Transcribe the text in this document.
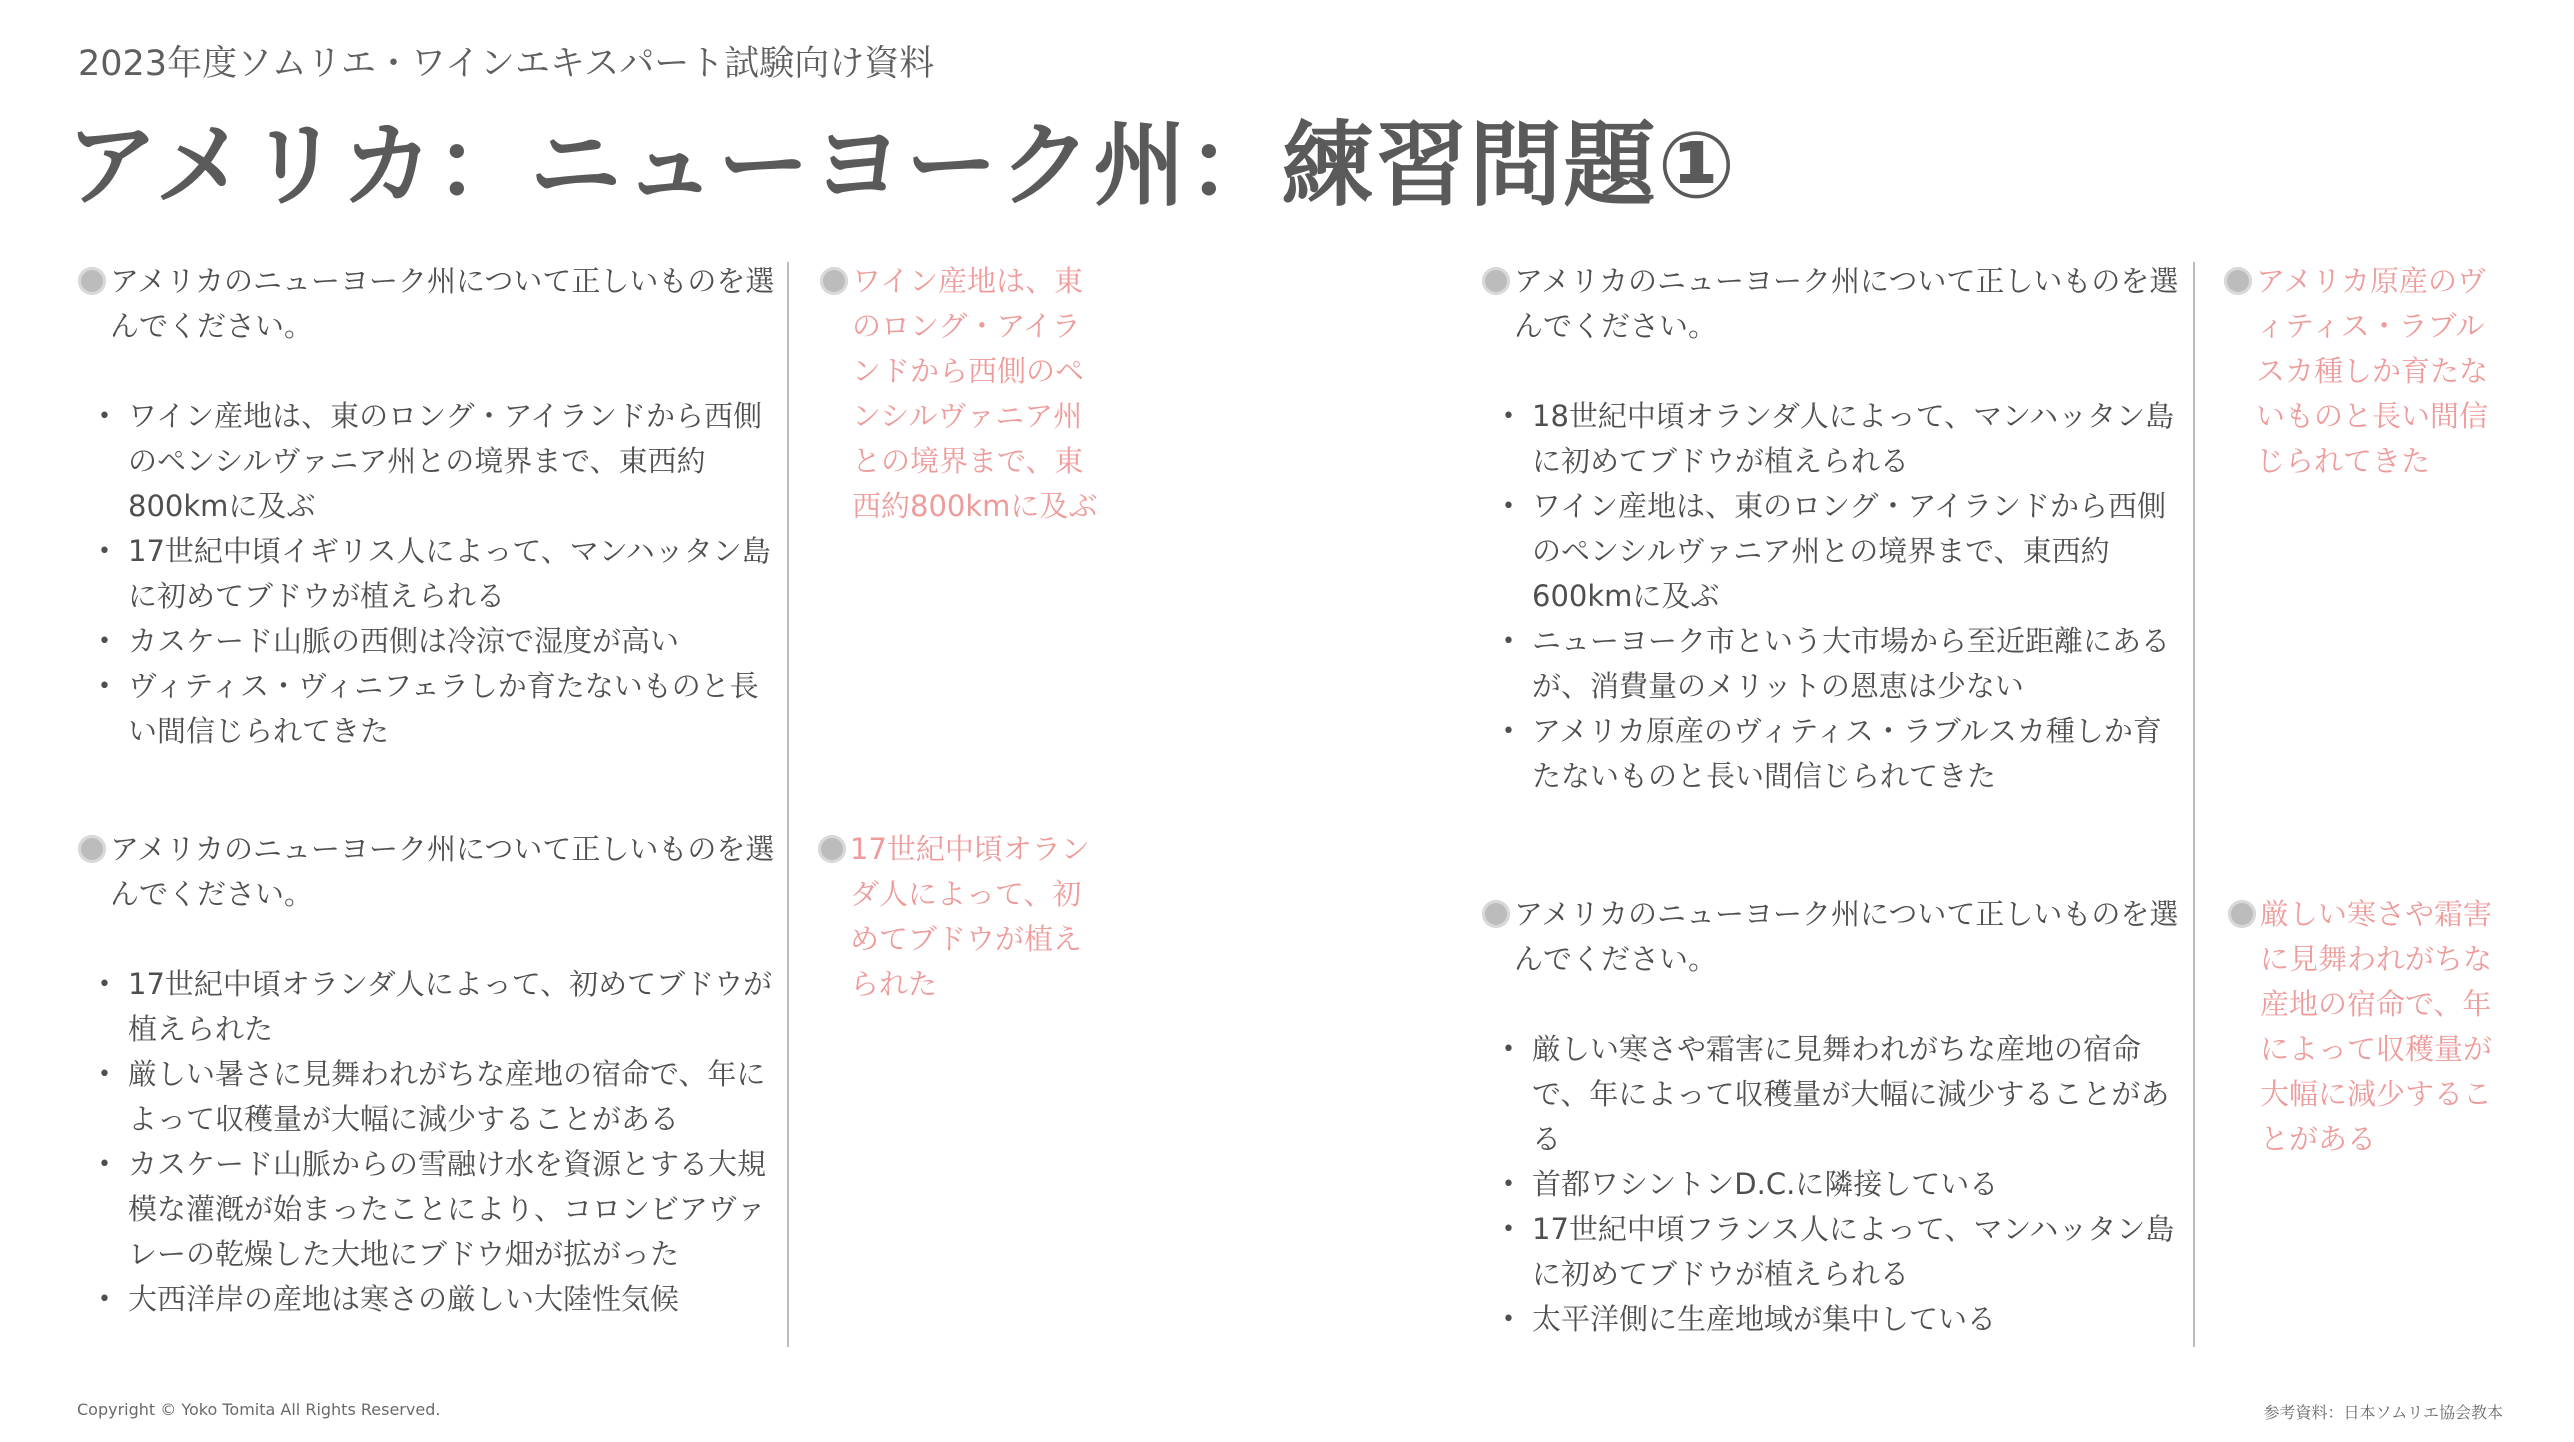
2023年度ソムリエ・ワインエキスパート試験向け資料
アメリカ：ニューヨーク州：練習問題①
アメリカのニューヨーク州について正しいものを選んでください。
• ワイン産地は、東のロング・アイランドから西側のペンシルヴァニア州との境界まで、東西約800kmに及ぶ
• 17世紀中頃イギリス人によって、マンハッタン島に初めてブドウが植えられる
• カスケード山脈の西側は冷涼で湿度が高い
• ヴィティス・ヴィニフェラしか育たないものと長い間信じられてきた
ワイン産地は、東のロング・アイランドから西側のペンシルヴァニア州との境界まで、東西約800kmに及ぶ
アメリカのニューヨーク州について正しいものを選んでください。
• 17世紀中頃オランダ人によって、初めてブドウが植えられた
• 厳しい暑さに見舞われがちな産地の宿命で、年によって収穫量が大幅に減少することがある
• カスケード山脈からの雪融け水を資源とする大規模な灌漑が始まったことにより、コロンビアヴァレーの乾燥した大地にブドウ畑が拡がった
• 大西洋岸の産地は寒さの厳しい大陸性気候
17世紀中頃オランダ人によって、初めてブドウが植えられた
アメリカのニューヨーク州について正しいものを選んでください。
• 18世紀中頃オランダ人によって、マンハッタン島に初めてブドウが植えられる
• ワイン産地は、東のロング・アイランドから西側のペンシルヴァニア州との境界まで、東西約600kmに及ぶ
• ニューヨーク市という大市場から至近距離にあるが、消費量のメリットの恩恵は少ない
• アメリカ原産のヴィティス・ラブルスカ種しか育たないものと長い間信じられてきた
アメリカ原産のヴィティス・ラブルスカ種しか育たないものと長い間信じられてきた
アメリカのニューヨーク州について正しいものを選んでください。
• 厳しい寒さや霜害に見舞われがちな産地の宿命で、年によって収穫量が大幅に減少することがある
• 首都ワシントンD.C.に隣接している
• 17世紀中頃フランス人によって、マンハッタン島に初めてブドウが植えられる
• 太平洋側に生産地域が集中している
厳しい寒さや霜害に見舞われがちな産地の宿命で、年によって収穫量が大幅に減少することがある
Copyright © Yoko Tomita All Rights Reserved.	参考資料：日本ソムリエ協会教本
